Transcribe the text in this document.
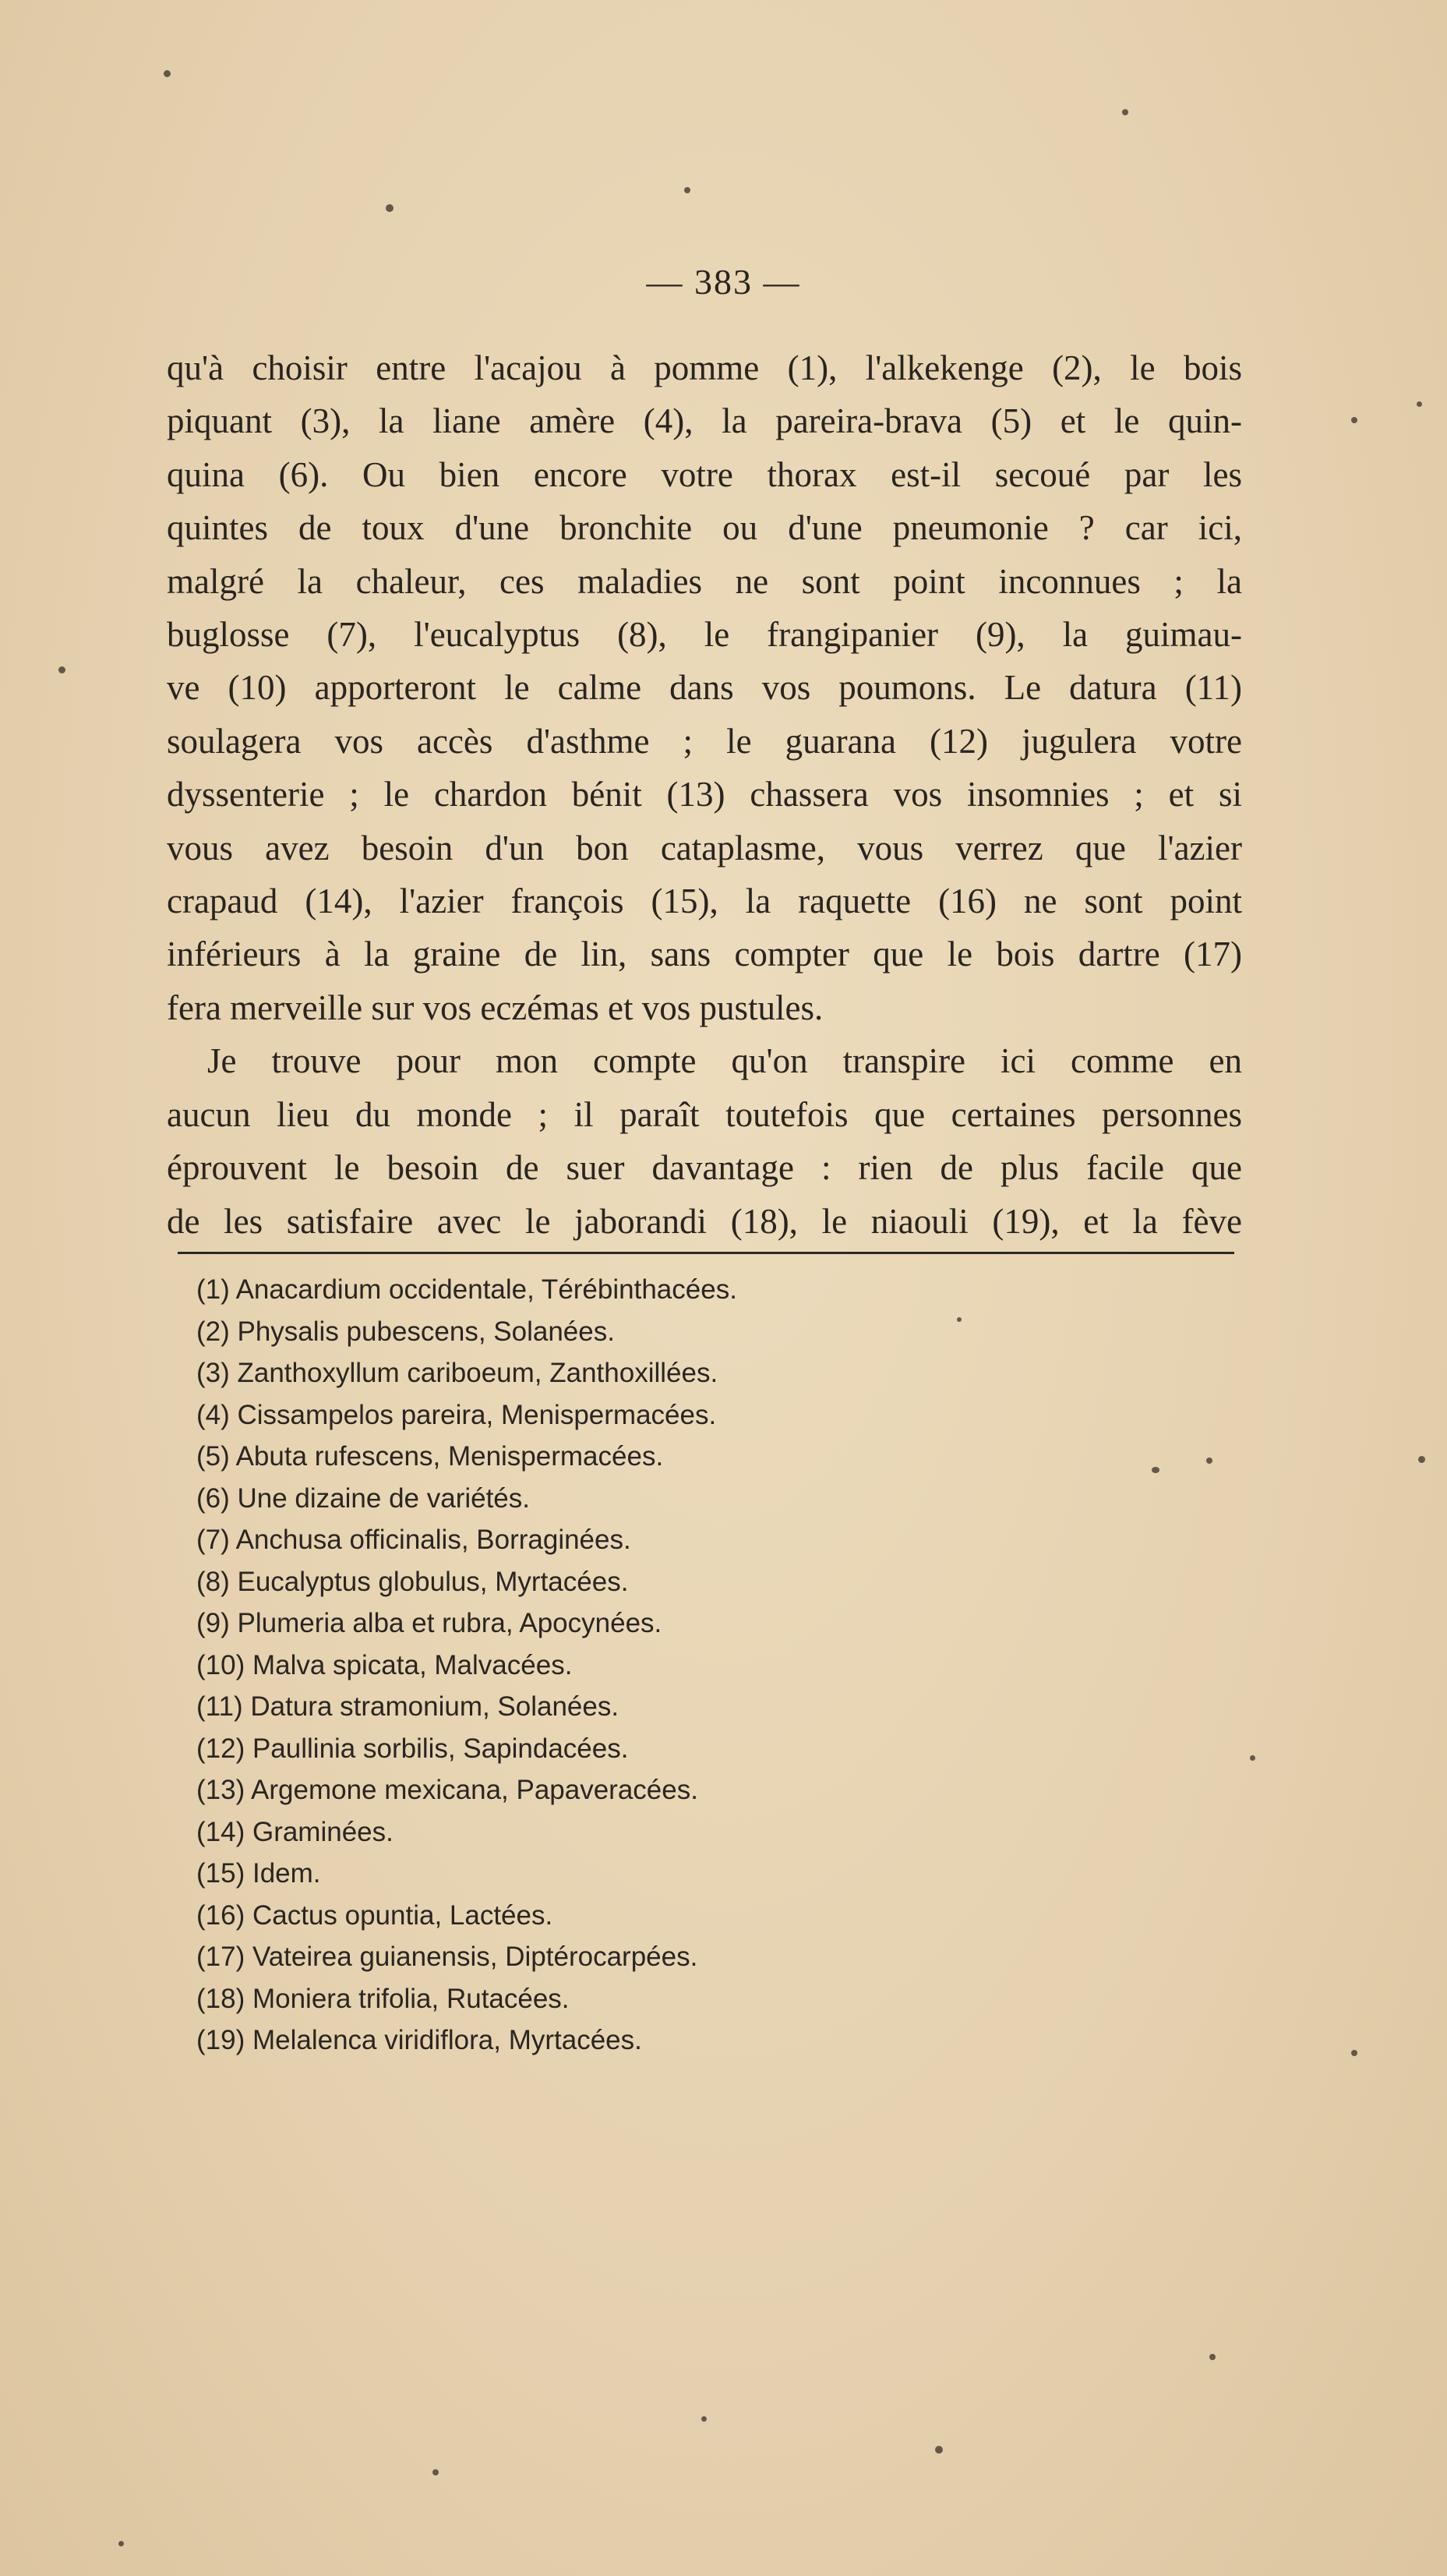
— 383 —
qu'à choisir entre l'acajou à pomme (1), l'alkekenge (2), le bois
piquant (3), la liane amère (4), la pareira-brava (5) et le quin-
quina (6). Ou bien encore votre thorax est-il secoué par les
quintes de toux d'une bronchite ou d'une pneumonie ? car ici,
malgré la chaleur, ces maladies ne sont point inconnues ; la
buglosse (7), l'eucalyptus (8), le frangipanier (9), la guimau-
ve (10) apporteront le calme dans vos poumons. Le datura (11)
soulagera vos accès d'asthme ; le guarana (12) jugulera votre
dyssenterie ; le chardon bénit (13) chassera vos insomnies ; et si
vous avez besoin d'un bon cataplasme, vous verrez que l'azier
crapaud (14), l'azier françois (15), la raquette (16) ne sont point
inférieurs à la graine de lin, sans compter que le bois dartre (17)
fera merveille sur vos eczémas et vos pustules.
Je trouve pour mon compte qu'on transpire ici comme en
aucun lieu du monde ; il paraît toutefois que certaines personnes
éprouvent le besoin de suer davantage : rien de plus facile que
de les satisfaire avec le jaborandi (18), le niaouli (19), et la fève
(1) Anacardium occidentale, Térébinthacées.
(2) Physalis pubescens, Solanées.
(3) Zanthoxyllum cariboeum, Zanthoxillées.
(4) Cissampelos pareira, Menispermacées.
(5) Abuta rufescens, Menispermacées.
(6) Une dizaine de variétés.
(7) Anchusa officinalis, Borraginées.
(8) Eucalyptus globulus, Myrtacées.
(9) Plumeria alba et rubra, Apocynées.
(10) Malva spicata, Malvacées.
(11) Datura stramonium, Solanées.
(12) Paullinia sorbilis, Sapindacées.
(13) Argemone mexicana, Papaveracées.
(14) Graminées.
(15) Idem.
(16) Cactus opuntia, Lactées.
(17) Vateirea guianensis, Diptérocarpées.
(18) Moniera trifolia, Rutacées.
(19) Melalenca viridiflora, Myrtacées.
